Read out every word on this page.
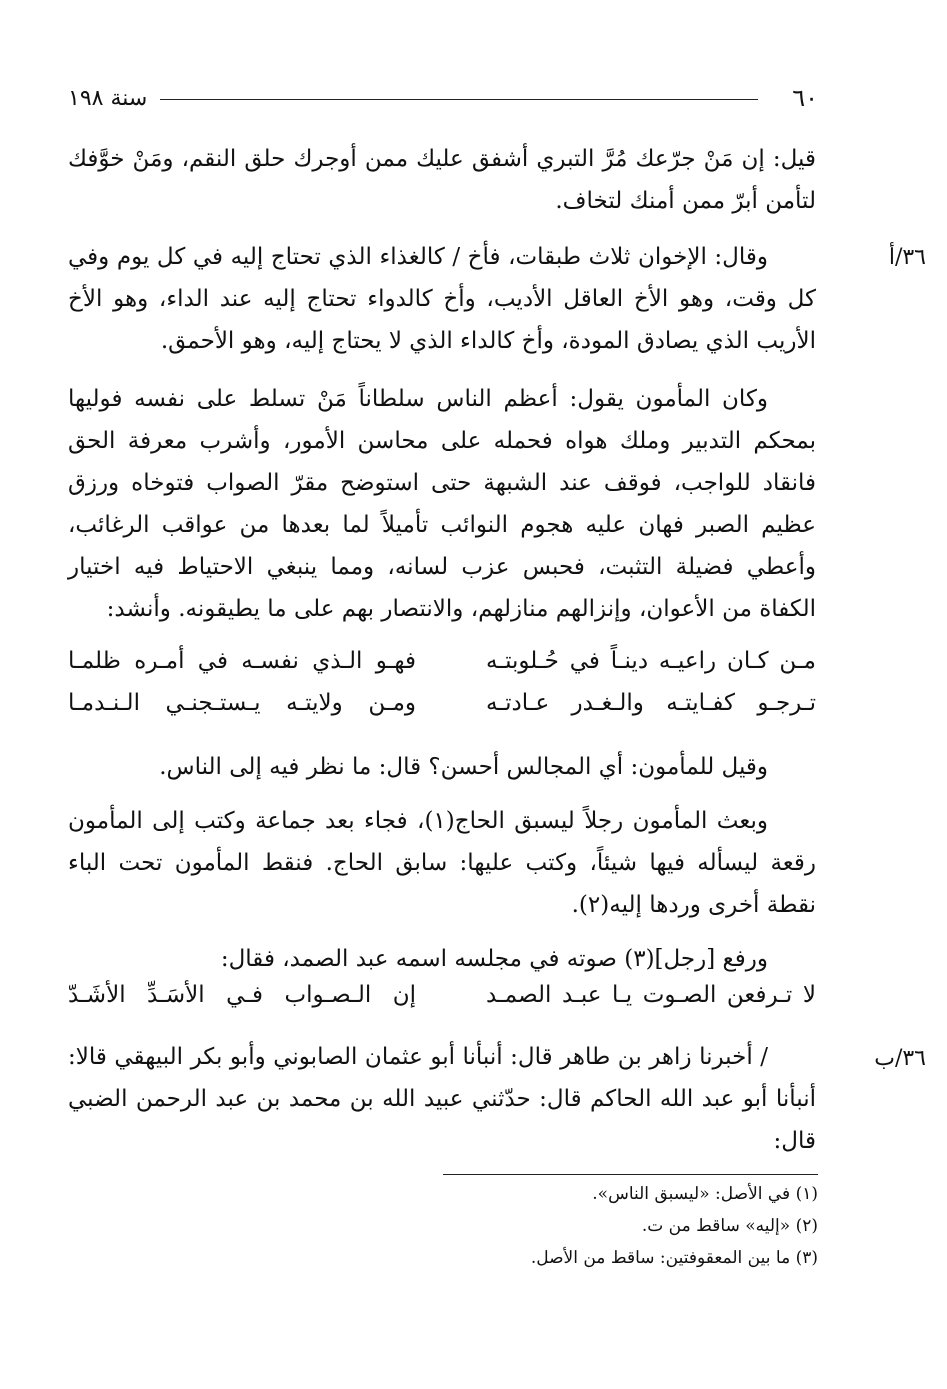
٦٠
سنة ١٩٨

قيل: إن مَنْ جرّعك مُرَّ التبري أشفق عليك ممن أوجرك حلق النقم، ومَنْ خوَّفك لتأمن أبرّ ممن أمنك لتخاف.

٣٦/أ

وقال: الإخوان ثلاث طبقات، فأخ / كالغذاء الذي تحتاج إليه في كل يوم وفي كل وقت، وهو الأخ العاقل الأديب، وأخ كالدواء تحتاج إليه عند الداء، وهو الأخ الأريب الذي يصادق المودة، وأخ كالداء الذي لا يحتاج إليه، وهو الأحمق.

وكان المأمون يقول: أعظم الناس سلطاناً مَنْ تسلط على نفسه فوليها بمحكم التدبير وملك هواه فحمله على محاسن الأمور، وأشرب معرفة الحق فانقاد للواجب، فوقف عند الشبهة حتى استوضح مقرّ الصواب فتوخاه ورزق عظيم الصبر فهان عليه هجوم النوائب تأميلاً لما بعدها من عواقب الرغائب، وأعطي فضيلة التثبت، فحبس عزب لسانه، ومما ينبغي الاحتياط فيه اختيار الكفاة من الأعوان، وإنزالهم منازلهم، والانتصار بهم على ما يطيقونه. وأنشد:

مـن كـان راعيـه دينـاً في حُـلوبتـه
فهـو الـذي نفسـه في أمـره ظلمـا
تـرجـو كفـايتـه والـغـدر عـادتـه
ومـن ولايتـه يـستـجنـي الـنـدمـا

وقيل للمأمون: أي المجالس أحسن؟ قال: ما نظر فيه إلى الناس.

وبعث المأمون رجلاً ليسبق الحاج(١)، فجاء بعد جماعة وكتب إلى المأمون رقعة ليسأله فيها شيئاً، وكتب عليها: سابق الحاج. فنقط المأمون تحت الباء نقطة أخرى وردها إليه(٢).

ورفع [رجل](٣) صوته في مجلسه اسمه عبد الصمد، فقال:

لا تـرفعن الصـوت يـا عبـد الصمـد
إن الـصـواب فـي الأسَـدِّ الأشَـدّ
٣٦/ب

/ أخبرنا زاهر بن طاهر قال: أنبأنا أبو عثمان الصابوني وأبو بكر البيهقي قالا: أنبأنا أبو عبد الله الحاكم قال: حدّثني عبيد الله بن محمد بن عبد الرحمن الضبي قال:

(١) في الأصل: «ليسبق الناس».
(٢) «إليه» ساقط من ت.
(٣) ما بين المعقوفتين: ساقط من الأصل.
